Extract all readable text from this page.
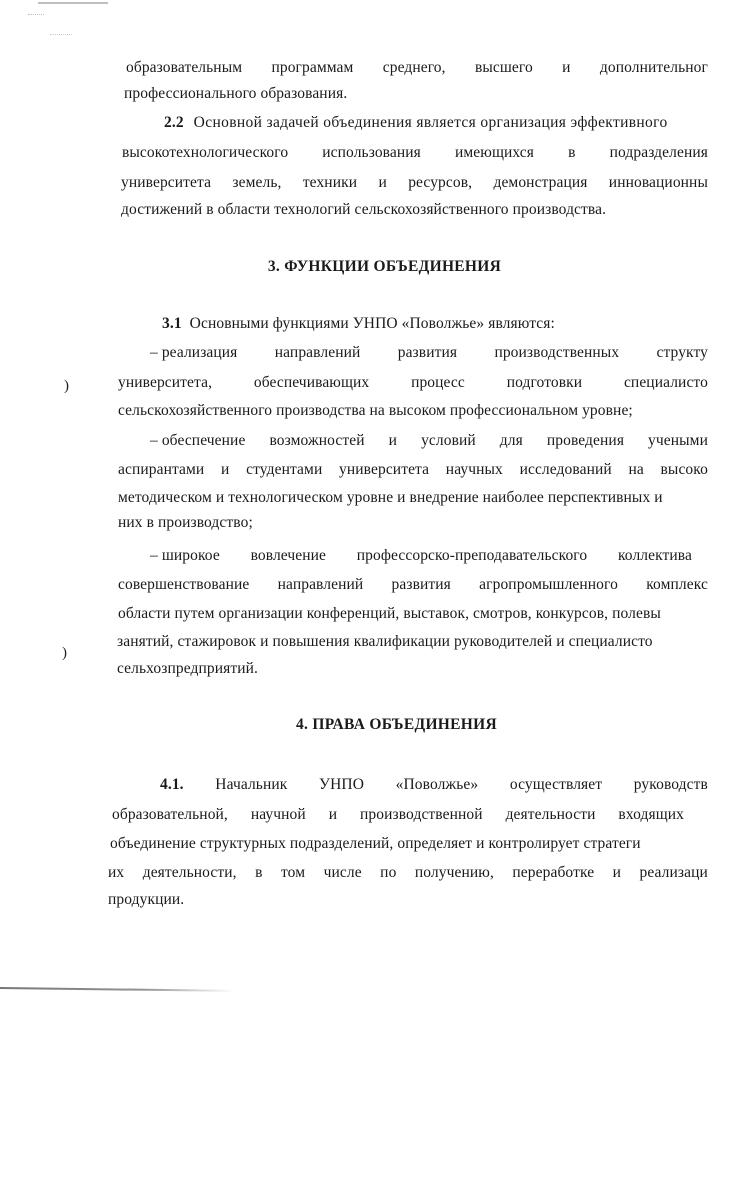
)
)
образовательным программам среднего, высшего и дополнительног
профессионального образования.
2.2 Основной задачей объединения является организация эффективного
высокотехнологического использования имеющихся в подразделения
университета земель, техники и ресурсов, демонстрация инновационны
достижений в области технологий сельскохозяйственного производства.
3. ФУНКЦИИ ОБЪЕДИНЕНИЯ
3.1 Основными функциями УНПО «Поволжье» являются:
– реализация направлений развития производственных структу
университета,	обеспечивающих	процесс	подготовки	специалисто
сельскохозяйственного производства на высоком профессиональном уровне;
– обеспечение возможностей и условий для проведения учеными
аспирантами и студентами университета научных исследований на высоко
методическом и технологическом уровне и внедрение наиболее перспективных и
них в производство;
– широкое вовлечение профессорско-преподавательского коллектива
совершенствование направлений развития агропромышленного комплекс
области путем организации конференций, выставок, смотров, конкурсов, полевы
занятий, стажировок и повышения квалификации руководителей и специалисто
сельхозпредприятий.
4. ПРАВА ОБЪЕДИНЕНИЯ
4.1. Начальник УНПО «Поволжье» осуществляет руководств
образовательной, научной и производственной деятельности входящих
объединение структурных подразделений, определяет и контролирует стратеги
их деятельности, в том числе по получению, переработке и реализаци
продукции.
